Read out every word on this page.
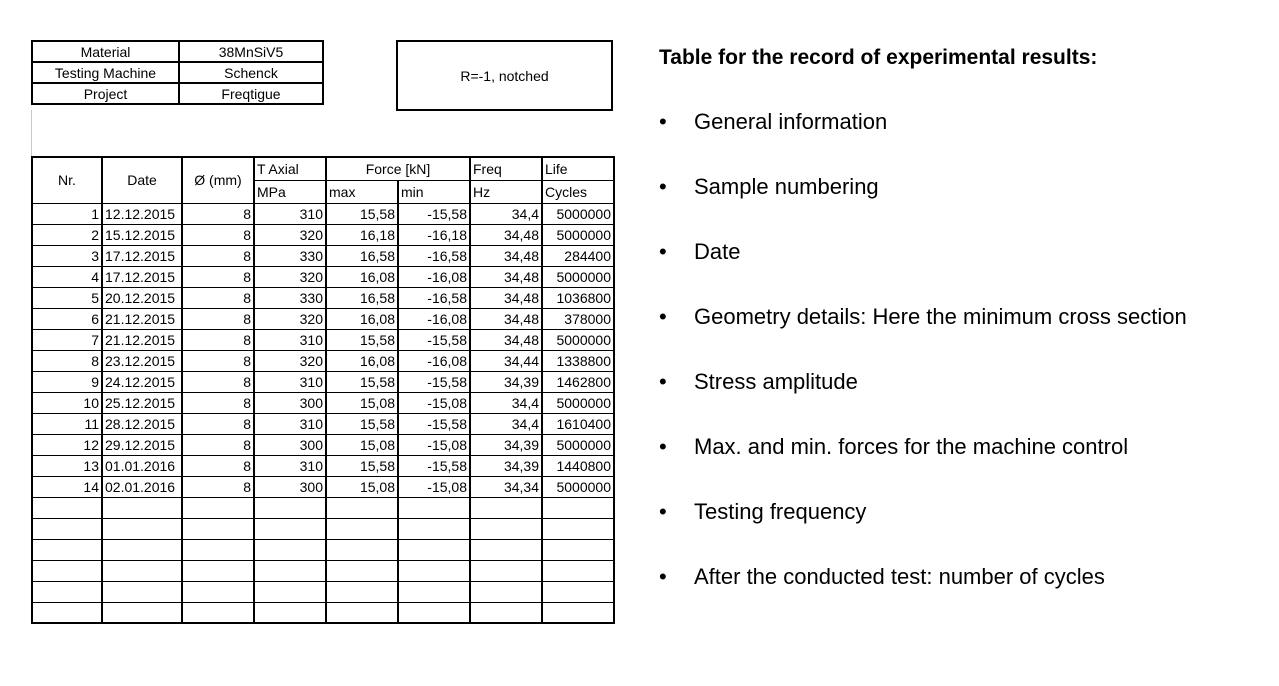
Material	38MnSiV5
Testing Machine	Schenck
Project	Freqtigue
R=-1, notched
Nr.	Date	Ø (mm)	T Axial	Force [kN]		Freq	Life
			MPa	max	min	Hz	Cycles
1	12.12.2015	8	310	15,58	-15,58	34,4	5000000
2	15.12.2015	8	320	16,18	-16,18	34,48	5000000
3	17.12.2015	8	330	16,58	-16,58	34,48	284400
4	17.12.2015	8	320	16,08	-16,08	34,48	5000000
5	20.12.2015	8	330	16,58	-16,58	34,48	1036800
6	21.12.2015	8	320	16,08	-16,08	34,48	378000
7	21.12.2015	8	310	15,58	-15,58	34,48	5000000
8	23.12.2015	8	320	16,08	-16,08	34,44	1338800
9	24.12.2015	8	310	15,58	-15,58	34,39	1462800
10	25.12.2015	8	300	15,08	-15,08	34,4	5000000
11	28.12.2015	8	310	15,58	-15,58	34,4	1610400
12	29.12.2015	8	300	15,08	-15,08	34,39	5000000
13	01.01.2016	8	310	15,58	-15,58	34,39	1440800
14	02.01.2016	8	300	15,08	-15,08	34,34	5000000

Table for the record of experimental results:
• General information
• Sample numbering
• Date
• Geometry details: Here the minimum cross section
• Stress amplitude
• Max. and min. forces for the machine control
• Testing frequency
• After the conducted test: number of cycles
